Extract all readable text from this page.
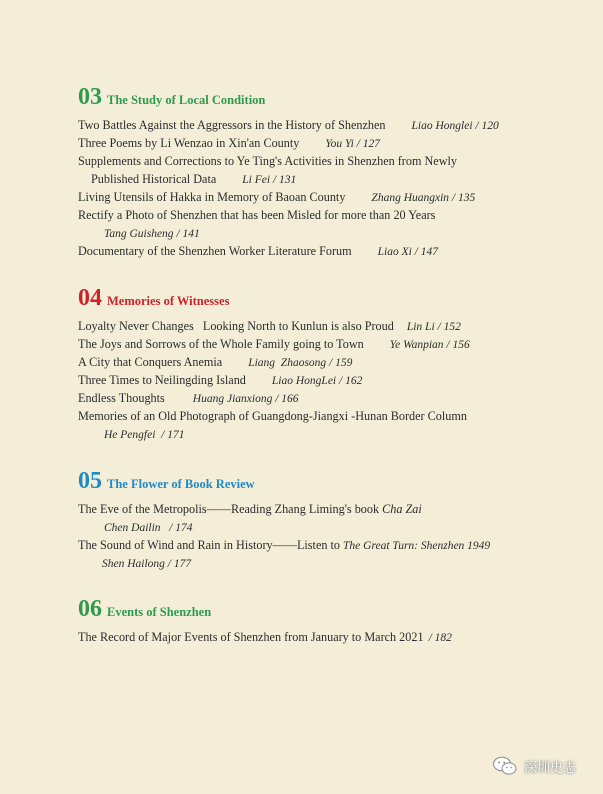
03 The Study of Local Condition
Two Battles Against the Aggressors in the History of Shenzhen Liao Honglei / 120
Three Poems by Li Wenzao in Xin'an County You Yi / 127
Supplements and Corrections to Ye Ting's Activities in Shenzhen from Newly
Published Historical Data Li Fei / 131
Living Utensils of Hakka in Memory of Baoan County Zhang Huangxin / 135
Rectify a Photo of Shenzhen that has been Misled for more than 20 Years
Tang Guisheng / 141
Documentary of the Shenzhen Worker Literature Forum Liao Xi / 147
04 Memories of Witnesses
Loyalty Never Changes   Looking North to Kunlun is also Proud Lin Li / 152
The Joys and Sorrows of the Whole Family going to Town Ye Wanpian / 156
A City that Conquers Anemia Liang  Zhaosong / 159
Three Times to Neilingding Island Liao HongLei / 162
Endless Thoughts Huang Jianxiong / 166
Memories of an Old Photograph of Guangdong-Jiangxi -Hunan Border Column
He Pengfei  / 171
05 The Flower of Book Review
The Eve of the Metropolis——Reading Zhang Liming's book Cha Zai
Chen Dailin   / 174
The Sound of Wind and Rain in History——Listen to The Great Turn: Shenzhen 1949
Shen Hailong / 177
06 Events of Shenzhen
The Record of Major Events of Shenzhen from January to March 2021 / 182
深圳史志
